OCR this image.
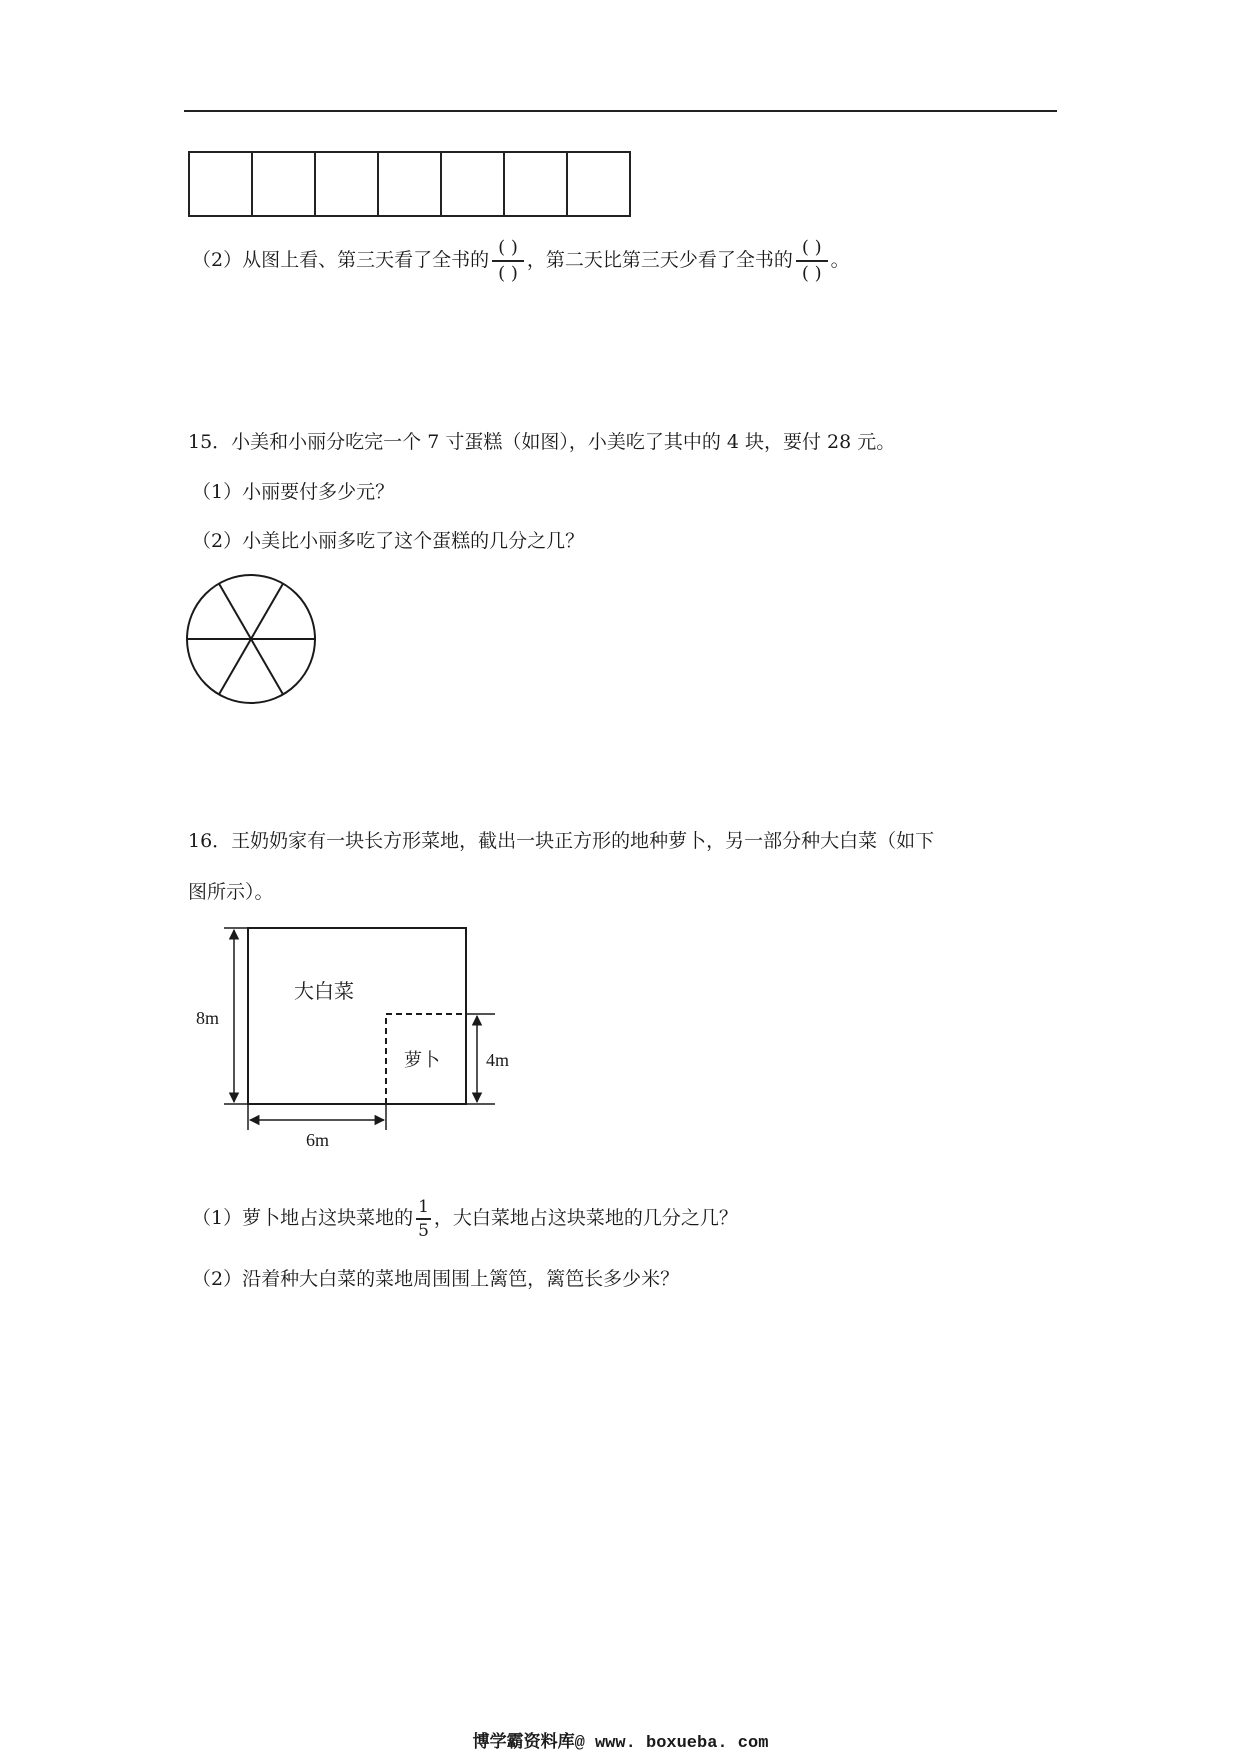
（2）从图上看、第三天看了全书的 $\frac{( )}{( )}$ ，第二天比第三天少看了全书的 $\frac{( )}{( )}$ 。
15．小美和小丽分吃完一个 7 寸蛋糕（如图），小美吃了其中的 4 块，要付 28 元。
（1）小丽要付多少元？
（2）小美比小丽多吃了这个蛋糕的几分之几？
16．王奶奶家有一块长方形菜地，截出一块正方形的地种萝卜，另一部分种大白菜（如下
图所示）。
大白菜
萝卜
8m
4m
6m
（1）萝卜地占这块菜地的 $\frac{1}{5}$ ，大白菜地占这块菜地的几分之几？
（2）沿着种大白菜的菜地周围围上篱笆，篱笆长多少米？
博学霸资料库@ www. boxueba. com
